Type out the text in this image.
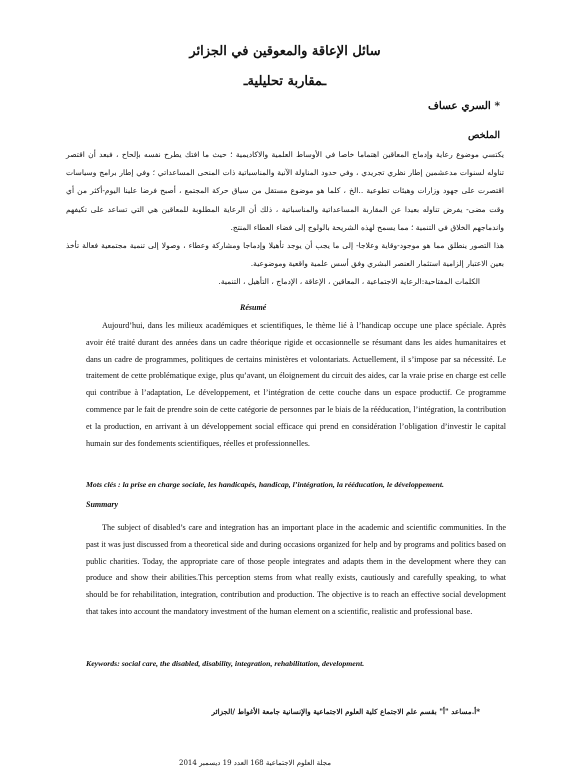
سائل الإعاقة والمعوقين في الجزائر
ـمقاربة تحليليةـ
* السري عساف
الملخص

يكتسي موضوع رعاية وإدماج المعاقين اهتماما خاصا في الأوساط العلمية والاكاديمية ؛ حيث ما افتك يطرح نفسه بإلحاح ، فبعد أن اقتصر تناوله لسنوات مدعشمين إطار نظري تجريدي ، وفي حدود المناولة الآنية والمناسباتية ذات المنحى المساعداتي ؛ وفي إطار برامج وسياسات اقتصرت على جهود وزارات وهيئات تطوعية ..الخ ، كلما هو موضوع مستقل من سياق حركة المجتمع ، أصبح فرضا علينا اليوم-أكثر من أي وقت مضى- يفرض تناوله بعيدا عن المقاربة المساعداتية والمناسباتية ، ذلك أن الرعاية المطلوبة للمعاقين هي التي تساعد على تكيفهم واندماجهم الخلاق في التنمية ؛ مما يسمح لهذه الشريحة بالولوج إلى فضاء العطاء المنتج.

هذا التصور ينطلق مما هو موجود-وقاية وعلاجا- إلى ما يجب أن يوجد تأهيلا وإدماجا ومشاركة وعطاء ، وصولا إلى تنمية مجتمعية فعالة تأخذ بعين الاعتبار إلزامية استثمار العنصر البشري وفق أسس علمية واقعية وموضوعية.

الكلمات المفتاحية:الرعاية الاجتماعية ، المعاقين ، الإعاقة ، الإدماج ، التأهيل ، التنمية.
Résumé

Aujourd’hui, dans les milieux académiques et scientifiques, le thème lié à l’handicap occupe une place spéciale. Après avoir été traité durant des années dans un cadre théorique rigide et occasionnelle se résumant dans les aides humanitaires et dans un cadre de programmes, politiques de certains ministères et volontariats. Actuellement, il s’impose par sa nécessité. Le traitement de cette problématique exige, plus qu’avant, un éloignement du circuit des aides, car la vraie prise en charge est celle qui contribue à l’adaptation, Le développement, et l’intégration de cette couche dans un espace productif. Ce programme commence par le fait de prendre soin de cette catégorie de personnes par le biais de la rééducation, l’intégration, la contribution et la production, en arrivant à un développement social efficace qui prend en considération l’obligation d’investir le capital humain sur des fondements scientifiques, réelles et professionnelles.

Mots clés : la prise en charge sociale, les handicapés, handicap, l’intégration, la rééducation, le développement.
Summary

The subject of disabled’s care and integration has an important place in the academic and scientific communities. In the past it was just discussed from a theoretical side and during occasions organized for help and by programs and politics based on public charities. Today, the appropriate care of those people integrates and adapts them in the development where they can produce and show their abilities.This perception stems from what really exists, cautiously and carefully speaking, to what should be for rehabilitation, integration, contribution and production. The objective is to reach an effective social development that takes into account the mandatory investment of the human element on a scientific, realistic and professional base.

Keywords: social care, the disabled, disability, integration, rehabilitation, development.
*أ.مساعد "أ" بقسم علم الاجتماع كلية العلوم الاجتماعية والإنسانية جامعة الأغواط /الجزائر
مجلة العلوم الاجتماعية 168 العدد 19 ديسمبر 2014
